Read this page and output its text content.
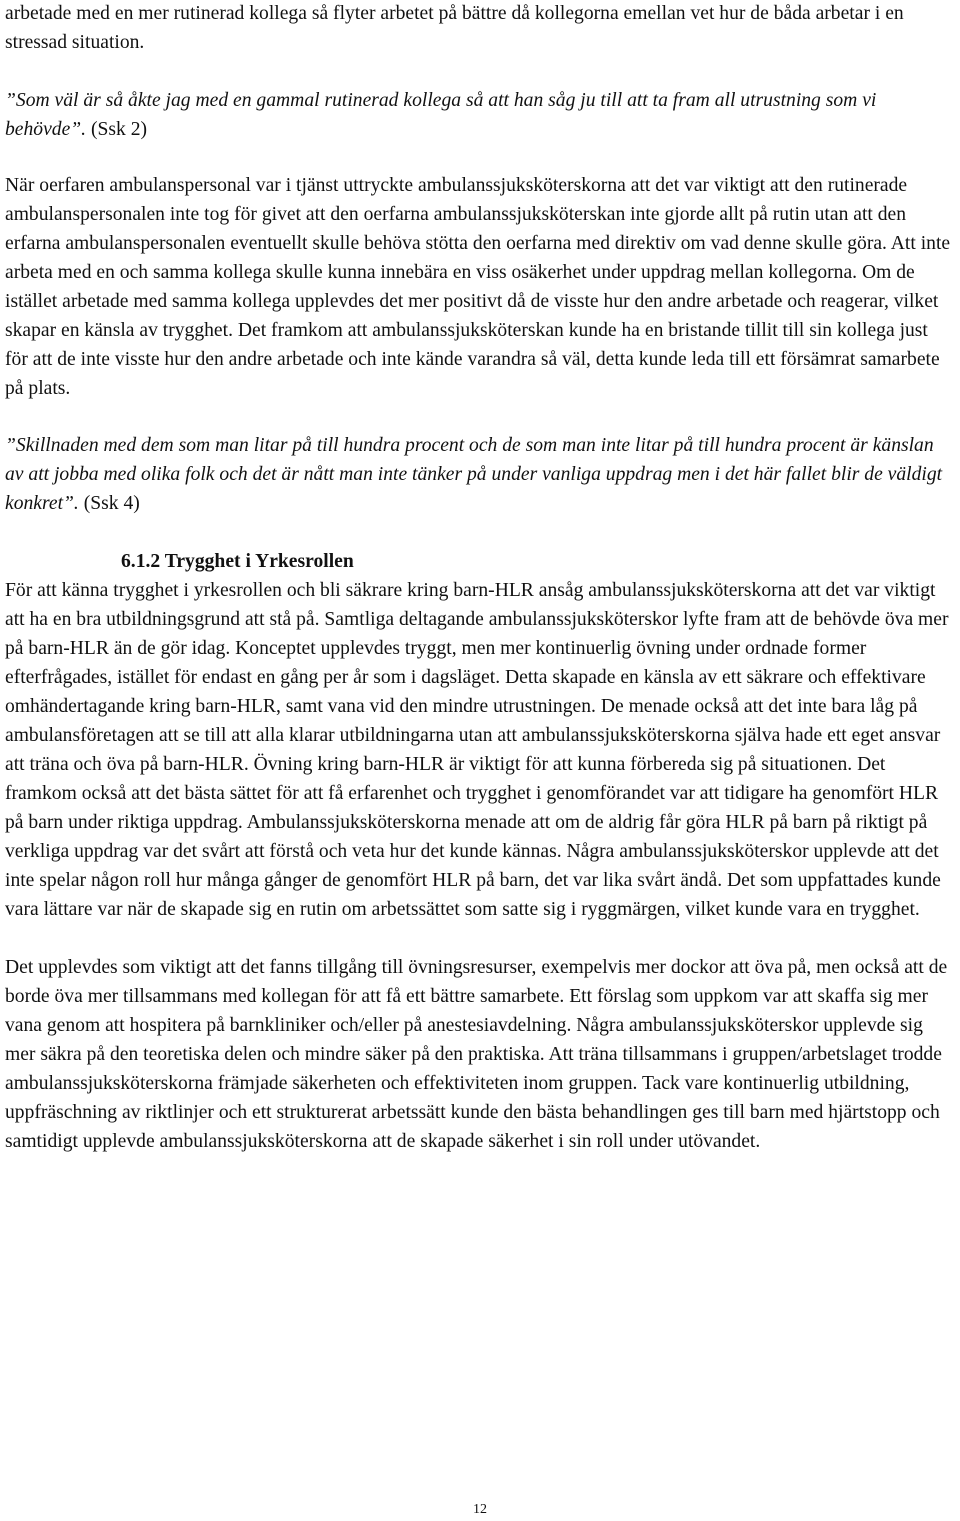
arbetade med en mer rutinerad kollega så flyter arbetet på bättre då kollegorna emellan vet hur de båda arbetar i en stressad situation.

”Som väl är så åkte jag med en gammal rutinerad kollega så att han såg ju till att ta fram all utrustning som vi behövde”. (Ssk 2)

När oerfaren ambulanspersonal var i tjänst uttryckte ambulanssjuksköterskorna att det var viktigt att den rutinerade ambulanspersonalen inte tog för givet att den oerfarna ambulanssjuksköterskan inte gjorde allt på rutin utan att den erfarna ambulanspersonalen eventuellt skulle behöva stötta den oerfarna med direktiv om vad denne skulle göra. Att inte arbeta med en och samma kollega skulle kunna innebära en viss osäkerhet under uppdrag mellan kollegorna. Om de istället arbetade med samma kollega upplevdes det mer positivt då de visste hur den andre arbetade och reagerar, vilket skapar en känsla av trygghet. Det framkom att ambulanssjuksköterskan kunde ha en bristande tillit till sin kollega just för att de inte visste hur den andre arbetade och inte kände varandra så väl, detta kunde leda till ett försämrat samarbete på plats.

”Skillnaden med dem som man litar på till hundra procent och de som man inte litar på till hundra procent är känslan av att jobba med olika folk och det är nått man inte tänker på under vanliga uppdrag men i det här fallet blir de väldigt konkret”. (Ssk 4)

6.1.2 Trygghet i Yrkesrollen

För att känna trygghet i yrkesrollen och bli säkrare kring barn-HLR ansåg ambulanssjuksköterskorna att det var viktigt att ha en bra utbildningsgrund att stå på. Samtliga deltagande ambulanssjuksköterskor lyfte fram att de behövde öva mer på barn-HLR än de gör idag. Konceptet upplevdes tryggt, men mer kontinuerlig övning under ordnade former efterfrågades, istället för endast en gång per år som i dagsläget. Detta skapade en känsla av ett säkrare och effektivare omhändertagande kring barn-HLR, samt vana vid den mindre utrustningen. De menade också att det inte bara låg på ambulansföretagen att se till att alla klarar utbildningarna utan att ambulanssjuksköterskorna själva hade ett eget ansvar att träna och öva på barn-HLR. Övning kring barn-HLR är viktigt för att kunna förbereda sig på situationen. Det framkom också att det bästa sättet för att få erfarenhet och trygghet i genomförandet var att tidigare ha genomfört HLR på barn under riktiga uppdrag. Ambulanssjuksköterskorna menade att om de aldrig får göra HLR på barn på riktigt på verkliga uppdrag var det svårt att förstå och veta hur det kunde kännas. Några ambulanssjuksköterskor upplevde att det inte spelar någon roll hur många gånger de genomfört HLR på barn, det var lika svårt ändå. Det som uppfattades kunde vara lättare var när de skapade sig en rutin om arbetssättet som satte sig i ryggmärgen, vilket kunde vara en trygghet.

Det upplevdes som viktigt att det fanns tillgång till övningsresurser, exempelvis mer dockor att öva på, men också att de borde öva mer tillsammans med kollegan för att få ett bättre samarbete. Ett förslag som uppkom var att skaffa sig mer vana genom att hospitera på barnkliniker och/eller på anestesiavdelning. Några ambulanssjuksköterskor upplevde sig mer säkra på den teoretiska delen och mindre säker på den praktiska. Att träna tillsammans i gruppen/arbetslaget trodde ambulanssjuksköterskorna främjade säkerheten och effektiviteten inom gruppen. Tack vare kontinuerlig utbildning, uppfräschning av riktlinjer och ett strukturerat arbetssätt kunde den bästa behandlingen ges till barn med hjärtstopp och samtidigt upplevde ambulanssjuksköterskorna att de skapade säkerhet i sin roll under utövandet.

12
